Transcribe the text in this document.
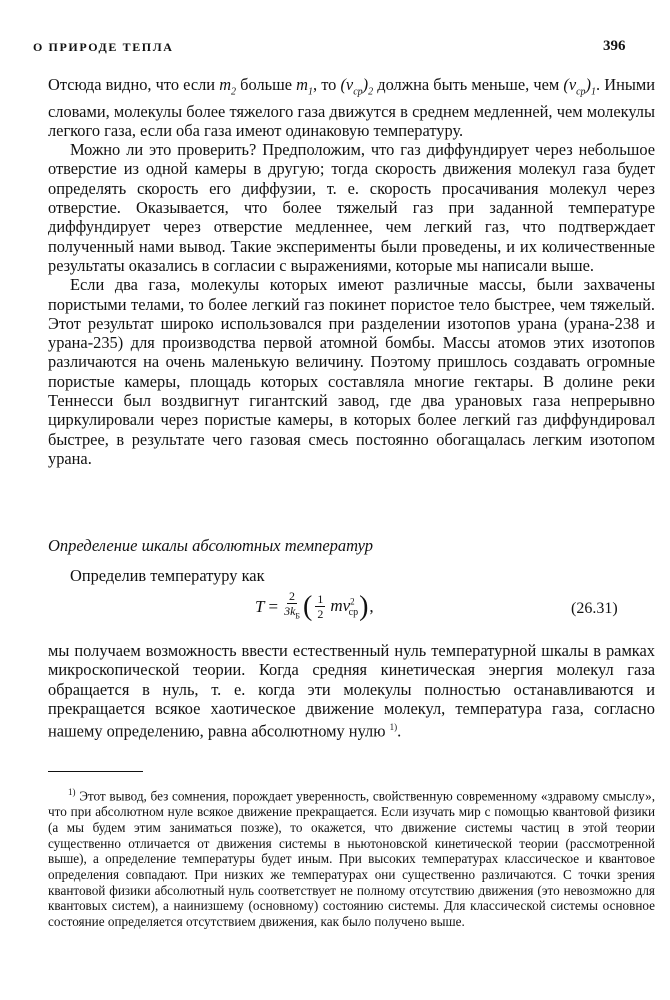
О ПРИРОДЕ ТЕПЛА	396

Отсюда видно, что если $m_2$ больше $m_1$, то $(v_{ср})_2$ должна быть меньше, чем $(v_{ср})_1$. Иными словами, молекулы более тяжелого газа движутся в среднем медленней, чем молекулы легкого газа, если оба газа имеют одинаковую температуру.

Можно ли это проверить? Предположим, что газ диффундирует через небольшое отверстие из одной камеры в другую; тогда скорость движения молекул газа будет определять скорость его диффузии, т. е. скорость просачивания молекул через отверстие. Оказывается, что более тяжелый газ при заданной температуре диффундирует через отверстие медленнее, чем легкий газ, что подтверждает полученный нами вывод. Такие эксперименты были проведены, и их количественные результаты оказались в согласии с выражениями, которые мы написали выше.

Если два газа, молекулы которых имеют различные массы, были захвачены пористыми телами, то более легкий газ покинет пористое тело быстрее, чем тяжелый. Этот результат широко использовался при разделении изотопов урана (урана-238 и урана-235) для производства первой атомной бомбы. Массы атомов этих изотопов различаются на очень маленькую величину. Поэтому пришлось создавать огромные пористые камеры, площадь которых составляла многие гектары. В долине реки Теннесси был воздвигнут гигантский завод, где два урановых газа непрерывно циркулировали через пористые камеры, в которых более легкий газ диффундировал быстрее, в результате чего газовая смесь постоянно обогащалась легким изотопом урана.

Определение шкалы абсолютных температур
Определив температуру как
$T = \frac{2}{3k_Б}$ ( $\frac{1}{2} mv^2_{ср}$ ) ,	(26.31)
мы получаем возможность ввести естественный нуль температурной шкалы в рамках микроскопической теории. Когда средняя кинетическая энергия молекул газа обращается в нуль, т. е. когда эти молекулы полностью останавливаются и прекращается всякое хаотическое движение молекул, температура газа, согласно нашему определению, равна абсолютному нулю $^{1)}$.
$^{1)}$ Этот вывод, без сомнения, порождает уверенность, свойственную современному «здравому смыслу», что при абсолютном нуле всякое движение прекращается. Если изучать мир с помощью квантовой физики (а мы будем этим заниматься позже), то окажется, что движение системы частиц в этой теории существенно отличается от движения системы в ньютоновской кинетической теории (рассмотренной выше), а определение температуры будет иным. При высоких температурах классическое и квантовое определения совпадают. При низких же температурах они существенно различаются. С точки зрения квантовой физики абсолютный нуль соответствует не полному отсутствию движения (это невозможно для квантовых систем), а наинизшему (основному) состоянию системы. Для классической системы основное состояние определяется отсутствием движения, как было получено выше.
